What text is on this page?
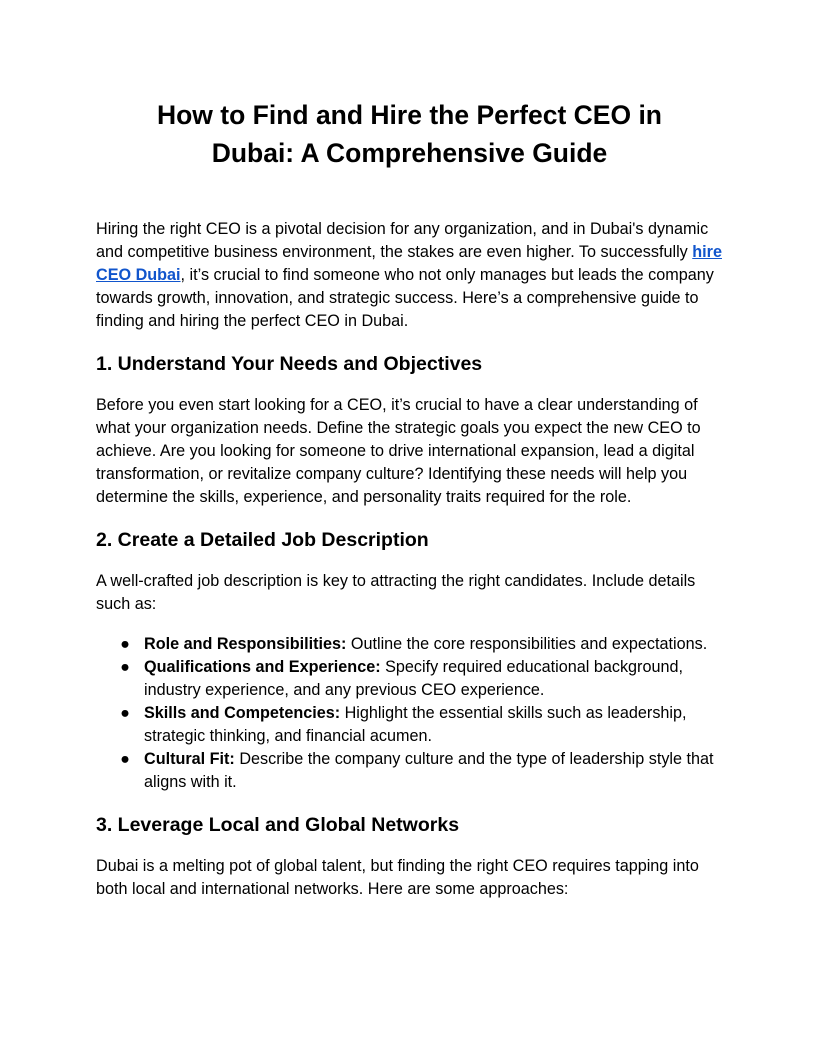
How to Find and Hire the Perfect CEO in Dubai: A Comprehensive Guide

Hiring the right CEO is a pivotal decision for any organization, and in Dubai's dynamic and competitive business environment, the stakes are even higher. To successfully hire CEO Dubai, it’s crucial to find someone who not only manages but leads the company towards growth, innovation, and strategic success. Here’s a comprehensive guide to finding and hiring the perfect CEO in Dubai.

1. Understand Your Needs and Objectives

Before you even start looking for a CEO, it’s crucial to have a clear understanding of what your organization needs. Define the strategic goals you expect the new CEO to achieve. Are you looking for someone to drive international expansion, lead a digital transformation, or revitalize company culture? Identifying these needs will help you determine the skills, experience, and personality traits required for the role.

2. Create a Detailed Job Description

A well-crafted job description is key to attracting the right candidates. Include details such as:

● Role and Responsibilities: Outline the core responsibilities and expectations.
● Qualifications and Experience: Specify required educational background, industry experience, and any previous CEO experience.
● Skills and Competencies: Highlight the essential skills such as leadership, strategic thinking, and financial acumen.
● Cultural Fit: Describe the company culture and the type of leadership style that aligns with it.
3. Leverage Local and Global Networks

Dubai is a melting pot of global talent, but finding the right CEO requires tapping into both local and international networks. Here are some approaches:
